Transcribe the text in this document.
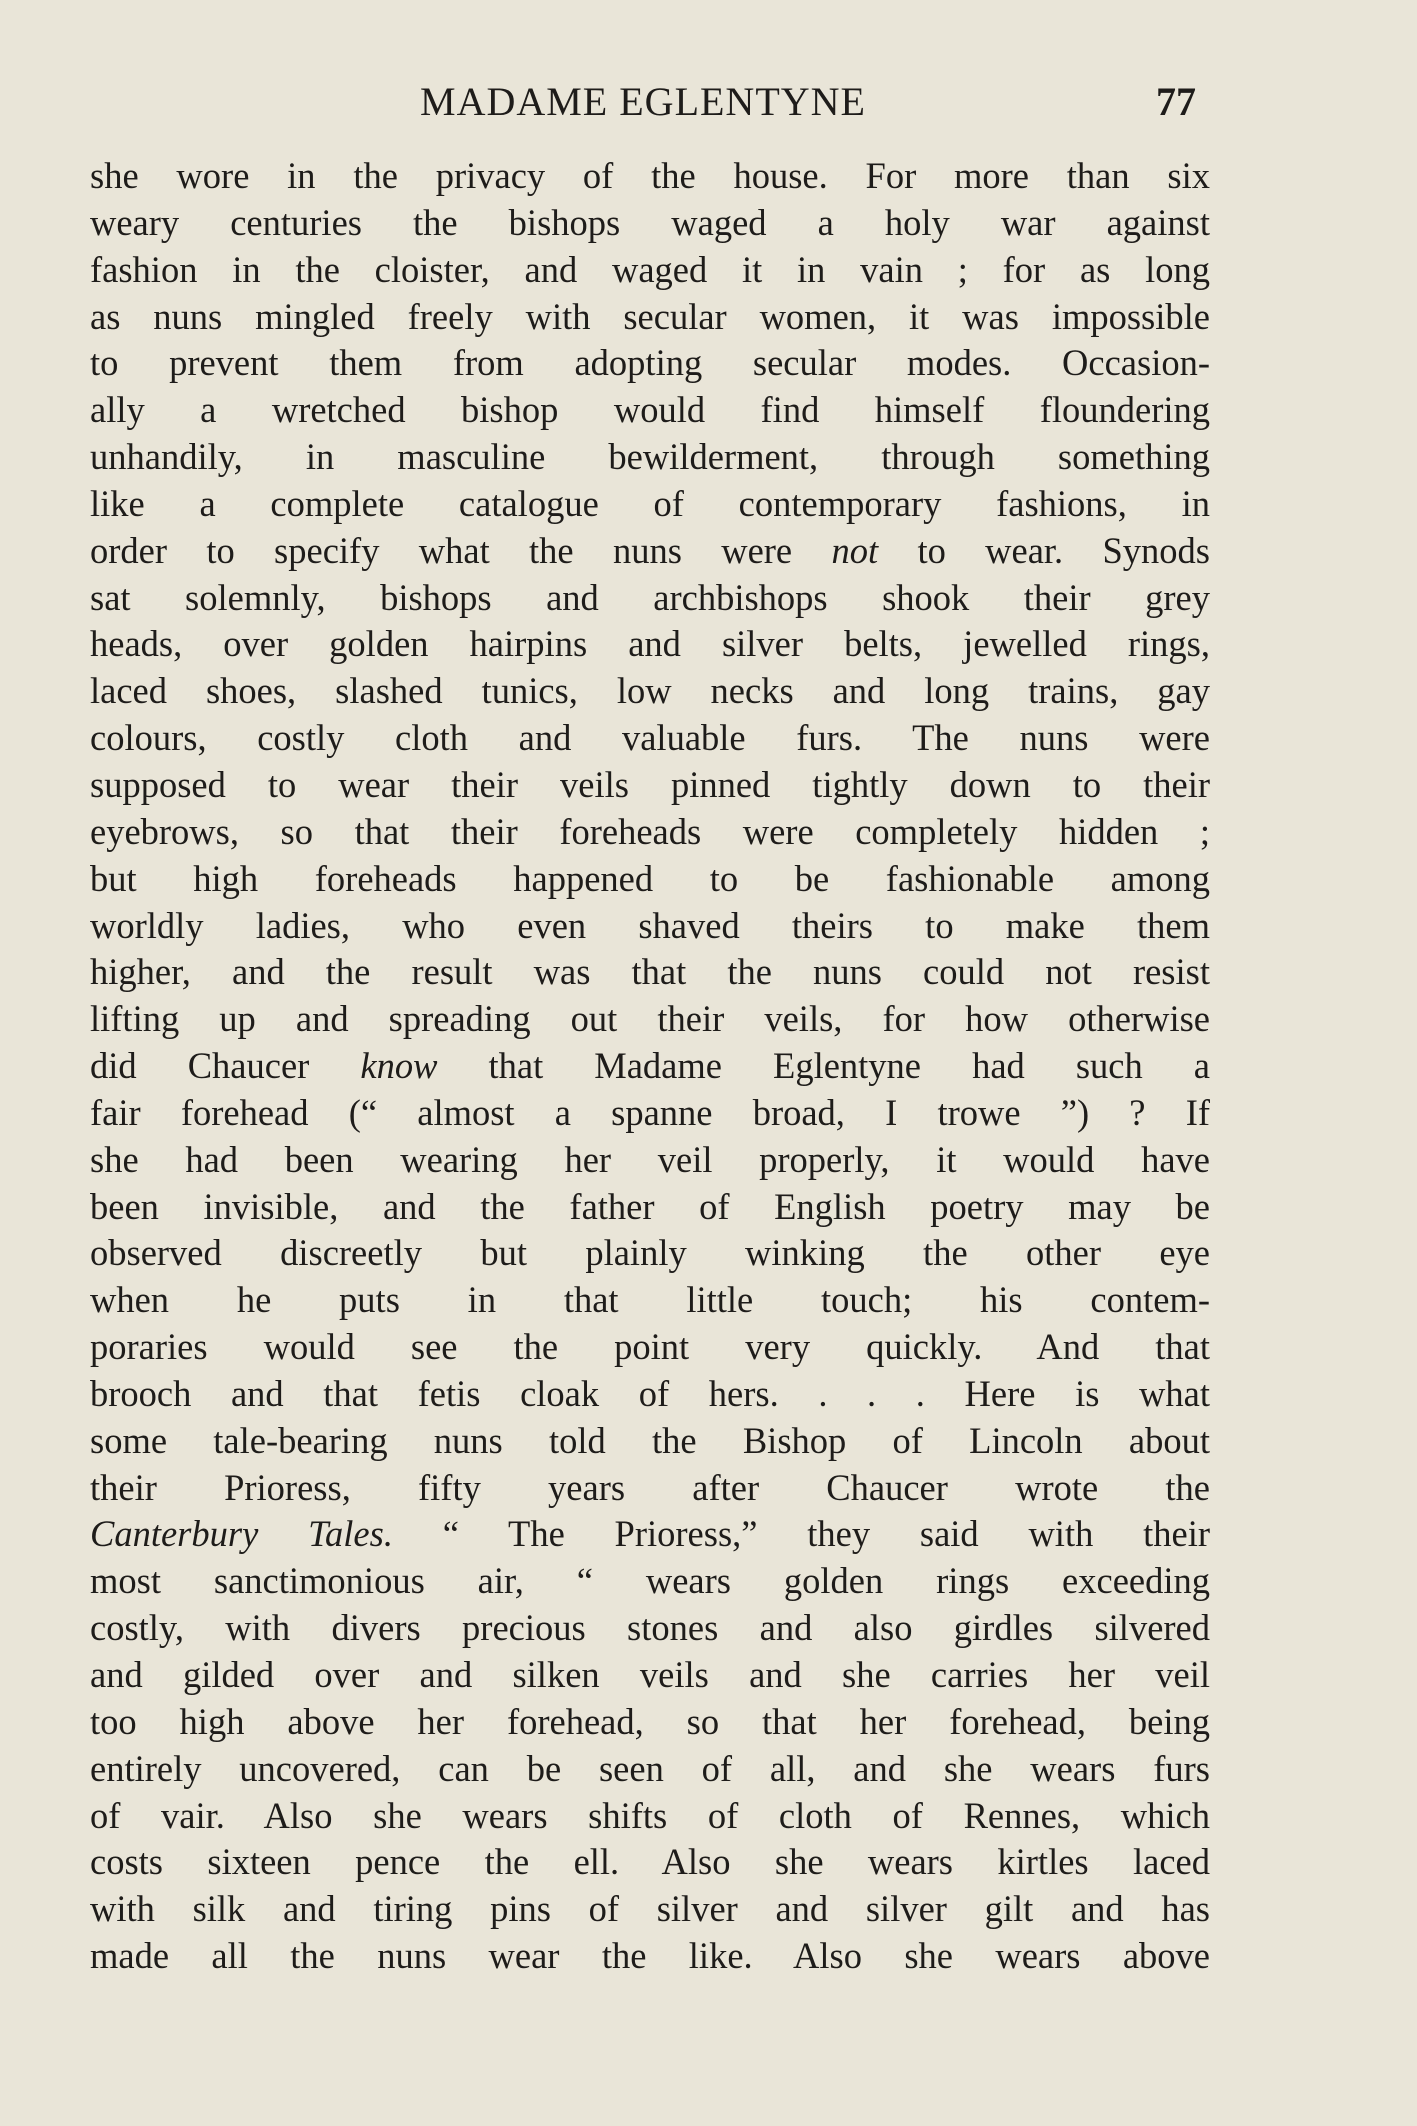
MADAME EGLENTYNE	77
she wore in the privacy of the house. For more than six
weary centuries the bishops waged a holy war against
fashion in the cloister, and waged it in vain ; for as long
as nuns mingled freely with secular women, it was impossible
to prevent them from adopting secular modes. Occasion-
ally a wretched bishop would find himself floundering
unhandily, in masculine bewilderment, through something
like a complete catalogue of contemporary fashions, in
order to specify what the nuns were not to wear. Synods
sat solemnly, bishops and archbishops shook their grey
heads, over golden hairpins and silver belts, jewelled rings,
laced shoes, slashed tunics, low necks and long trains, gay
colours, costly cloth and valuable furs. The nuns were
supposed to wear their veils pinned tightly down to their
eyebrows, so that their foreheads were completely hidden ;
but high foreheads happened to be fashionable among
worldly ladies, who even shaved theirs to make them
higher, and the result was that the nuns could not resist
lifting up and spreading out their veils, for how otherwise
did Chaucer know that Madame Eglentyne had such a
fair forehead (“ almost a spanne broad, I trowe ”) ? If
she had been wearing her veil properly, it would have
been invisible, and the father of English poetry may be
observed discreetly but plainly winking the other eye
when he puts in that little touch; his contem-
poraries would see the point very quickly. And that
brooch and that fetis cloak of hers. . . . Here is what
some tale-bearing nuns told the Bishop of Lincoln about
their Prioress, fifty years after Chaucer wrote the
Canterbury Tales. “ The Prioress,” they said with their
most sanctimonious air, “ wears golden rings exceeding
costly, with divers precious stones and also girdles silvered
and gilded over and silken veils and she carries her veil
too high above her forehead, so that her forehead, being
entirely uncovered, can be seen of all, and she wears furs
of vair. Also she wears shifts of cloth of Rennes, which
costs sixteen pence the ell. Also she wears kirtles laced
with silk and tiring pins of silver and silver gilt and has
made all the nuns wear the like. Also she wears above
